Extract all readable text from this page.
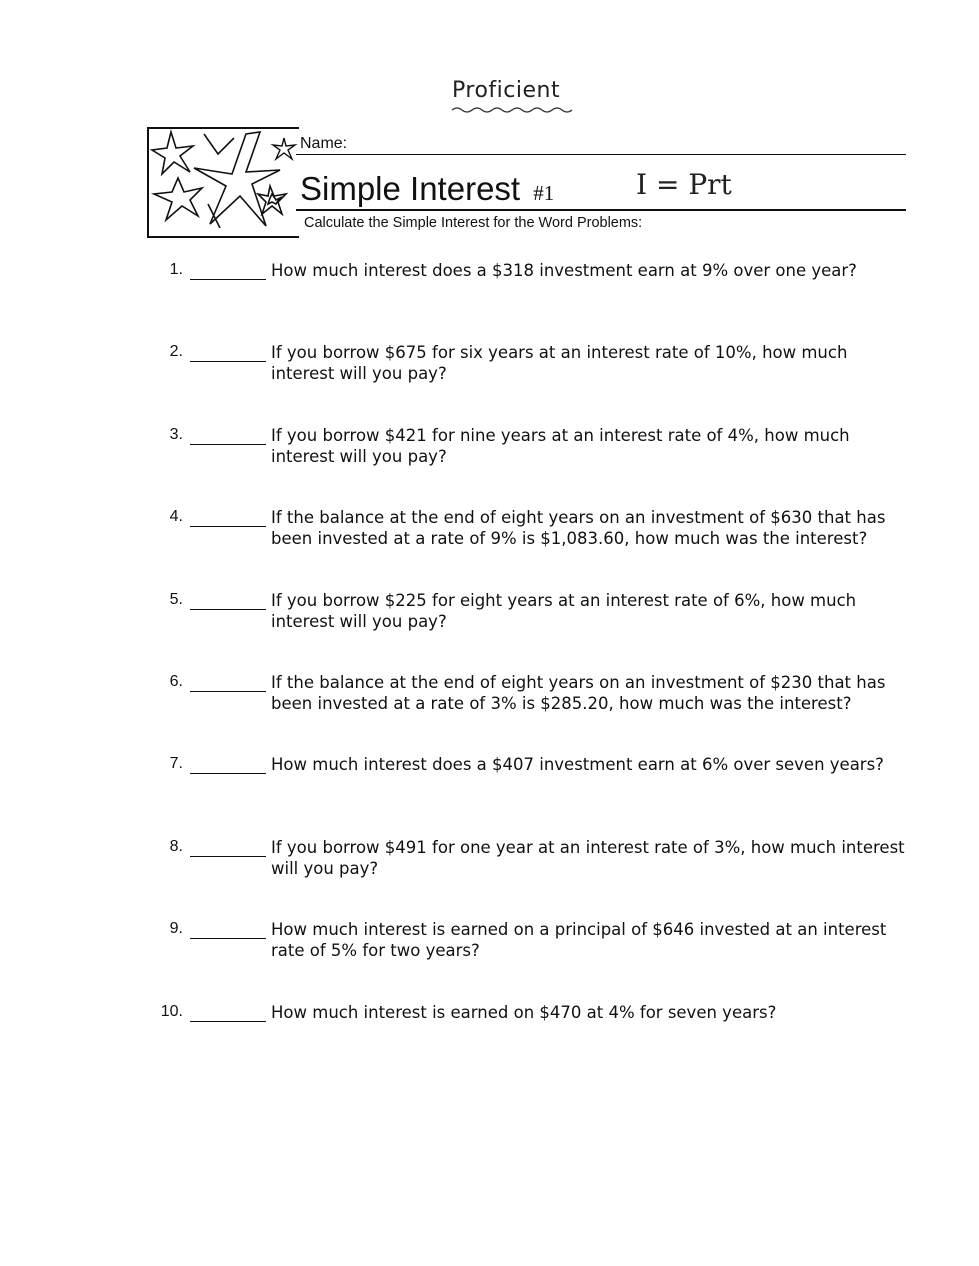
Proficient
Name:
Simple Interest #1	I = Prt
Calculate the Simple Interest for the Word Problems:
1.	How much interest does a $318 investment earn at 9% over one year?
2.	If you borrow $675 for six years at an interest rate of 10%, how much interest will you pay?
3.	If you borrow $421 for nine years at an interest rate of 4%, how much interest will you pay?
4.	If the balance at the end of eight years on an investment of $630 that has been invested at a rate of 9% is $1,083.60, how much was the interest?
5.	If you borrow $225 for eight years at an interest rate of 6%, how much interest will you pay?
6.	If the balance at the end of eight years on an investment of $230 that has been invested at a rate of 3% is $285.20, how much was the interest?
7.	How much interest does a $407 investment earn at 6% over seven years?
8.	If you borrow $491 for one year at an interest rate of 3%, how much interest will you pay?
9.	How much interest is earned on a principal of $646 invested at an interest rate of 5% for two years?
10.	How much interest is earned on $470 at 4% for seven years?
